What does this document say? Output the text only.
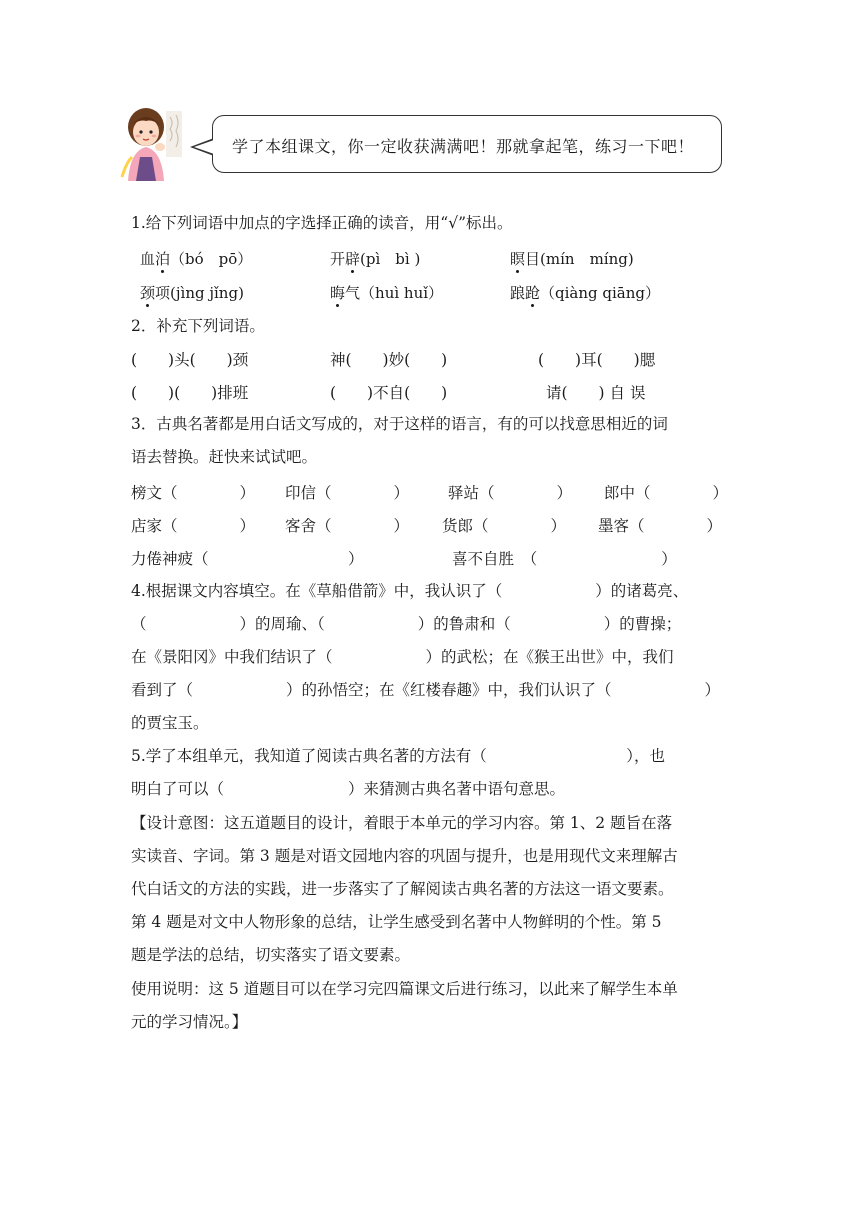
学了本组课文，你一定收获满满吧！那就拿起笔，练习一下吧！
1.给下列词语中加点的字选择正确的读音，用“√”标出。
血泊（bó　pō）	开辟(pì　bì )	瞑目(mín　míng)
颈项(jìng jǐng)	晦气（huì huǐ）	踉跄（qiàng qiāng）
2．补充下列词语。
(　　)头(　　)颈	神(　　)妙(　　)	(　　)耳(　　)腮
(　　)(　　)排班	(　　)不自(　　)	请(　　) 自 误
3．古典名著都是用白话文写成的，对于这样的语言，有的可以找意思相近的词
语去替换。赶快来试试吧。
榜文（　　　　） 印信（　　　　）	驿站（　　　　） 郎中（　　　　）
店家（　　　　） 客舍（　　　　） 货郎（　　　　） 墨客（　　　　）
力倦神疲（　　　　　　　　　）	喜不自胜　（　　　　　　　　）
4.根据课文内容填空。在《草船借箭》中，我认识了（　　　　　　）的诸葛亮、
（　　　　　　）的周瑜、（　　　　　　）的鲁肃和（　　　　　　）的曹操；
在《景阳冈》中我们结识了（　　　　　　）的武松；在《猴王出世》中，我们
看到了（　　　　　　）的孙悟空；在《红楼春趣》中，我们认识了（　　　　　　）
的贾宝玉。
5.学了本组单元，我知道了阅读古典名著的方法有（　　　　　　　　　），也
明白了可以（　　　　　　　　）来猜测古典名著中语句意思。
【设计意图：这五道题目的设计，着眼于本单元的学习内容。第 1、2 题旨在落
实读音、字词。第 3 题是对语文园地内容的巩固与提升，也是用现代文来理解古
代白话文的方法的实践，进一步落实了了解阅读古典名著的方法这一语文要素。
第 4 题是对文中人物形象的总结，让学生感受到名著中人物鲜明的个性。第 5
题是学法的总结，切实落实了语文要素。
使用说明：这 5 道题目可以在学习完四篇课文后进行练习，以此来了解学生本单
元的学习情况。】
